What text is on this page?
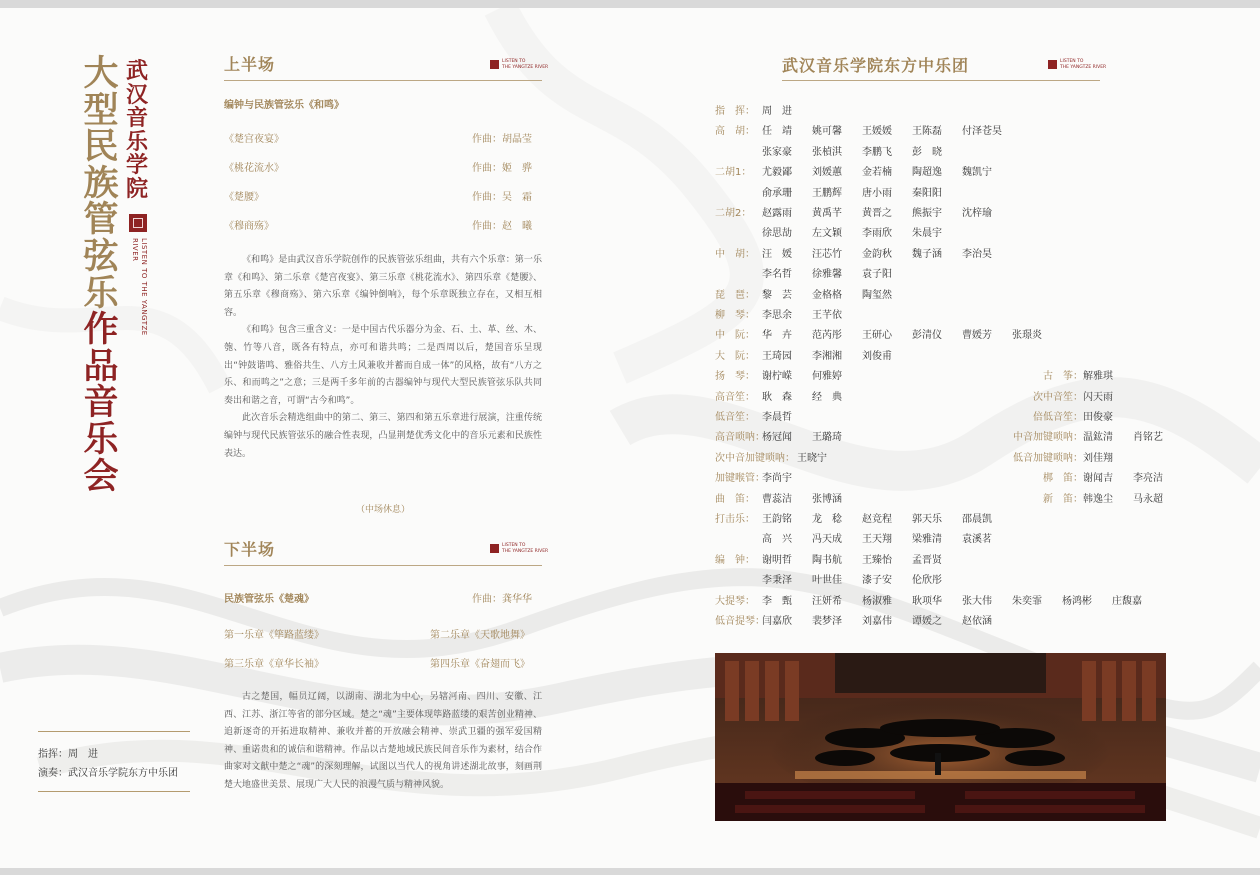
大
型
民
族
管
弦
乐
作
品
音
乐
会
武
汉
音
乐
学
院
LISTEN TO THE YANGTZE RIVER
指挥：周　进
演奏：武汉音乐学院东方中乐团
上半场	LISTEN TO
THE YANGTZE RIVER
编钟与民族管弦乐《和鸣》
《楚宫夜宴》	作曲：胡晶莹
《桃花流水》	作曲：姬　骅
《楚腰》	作曲：吴　霜
《穆商殇》	作曲：赵　曦

《和鸣》是由武汉音乐学院创作的民族管弦乐组曲，共有六个乐章：第一乐章《和鸣》、第二乐章《楚宫夜宴》、第三乐章《桃花流水》、第四乐章《楚腰》、第五乐章《穆商殇》、第六乐章《编钟倒响》，每个乐章既独立存在，又相互相容。

《和鸣》包含三重含义：一是中国古代乐器分为金、石、土、革、丝、木、匏、竹等八音，既各有特点，亦可和谐共鸣；二是西周以后，楚国音乐呈现出“钟鼓谐鸣、雅俗共生、八方土风兼收并蓄而自成一体”的风格，故有“八方之乐、和而鸣之”之意；三是两千多年前的古器编钟与现代大型民族管弦乐队共同奏出和谐之音，可谓“古今和鸣”。

此次音乐会精选组曲中的第二、第三、第四和第五乐章进行展演，注重传统编钟与现代民族管弦乐的融合性表现，凸显荆楚优秀文化中的音乐元素和民族性表达。

（中场休息）
下半场	LISTEN TO
THE YANGTZE RIVER
民族管弦乐《楚魂》	作曲：龚华华
第一乐章《筚路蓝缕》	第二乐章《天歌地舞》
第三乐章《章华长袖》	第四乐章《奋翅而飞》

古之楚国，幅员辽阔，以湖南、湖北为中心，另辖河南、四川、安徽、江西、江苏、浙江等省的部分区域。楚之“魂”主要体现筚路蓝缕的艰苦创业精神、追新逐奇的开拓进取精神、兼收并蓄的开放融会精神、崇武卫疆的强军爱国精神、重诺贵和的诚信和谐精神。作品以古楚地域民族民间音乐作为素材，结合作曲家对文献中楚之“魂”的深刻理解，试图以当代人的视角讲述湖北故事，刻画荆楚大地盛世美景、展现广大人民的浪漫气质与精神风貌。

武汉音乐学院东方中乐团	LISTEN TO
THE YANGTZE RIVER
指　挥： 周　进
高　胡： 任　靖 姚可馨 王媛媛 王陈磊 付泽苍昊
张家豪 张楨淇 李鹏飞 彭　晓
二胡1： 尤毅鄙 刘媛蕙 金若楠 陶超逸 魏凯宁
俞承珊 王鹏辉 唐小雨 秦阳阳
二胡2： 赵露雨 黄禹芊 黄晋之 熊振宇 沈梓瑜
徐思劼 左文颖 李雨欣 朱晨宇
中　胡： 汪　媛 汪芯竹 金韵秋 魏子涵 李治昊
李名哲 徐雅馨 袁子阳
琵　琶： 黎　芸 金格格 陶玺然
柳　琴： 李思余 王芊依
中　阮： 华　卉 范芮彤 王研心 彭清仪 曹媛芳 张璟炎
大　阮： 王琦园 李湘湘 刘俊甫
扬　琴： 谢柠嵘 何雅婷	古　筝： 解雅琪
高音笙： 耿　森 经　典	次中音笙： 闪天雨
低音笙： 李晨哲	倍低音笙： 田俊豪
高音唢呐：
杨冠闻 王璐琦	中音加键唢呐： 温鈜清 肖铭艺
次中音加键唢呐： 王晓宁	低音加键唢呐： 刘佳翔
加键喉管：
李尚宇	梆　笛： 谢闻吉 李亮洁
曲　笛： 曹蕊洁 张博涵	新　笛： 韩逸尘 马永超
打击乐： 王韵铭 龙　稔 赵竞程 郭天乐 邵晨凯
高　兴 冯天成 王天翔 梁雅清 袁溪茗
编　钟： 谢明哲 陶书航 王臻怡 孟晋贤
李秉泽 叶世佳 漆子安 伦欣彤
大提琴： 李　甄 汪妍希 杨淑雅 耿项华 张大伟 朱奕霏 杨鸿彬 庄馥嘉
低音提琴：
闫嘉欣 裴梦泽 刘嘉伟 谭媛之 赵依涵
